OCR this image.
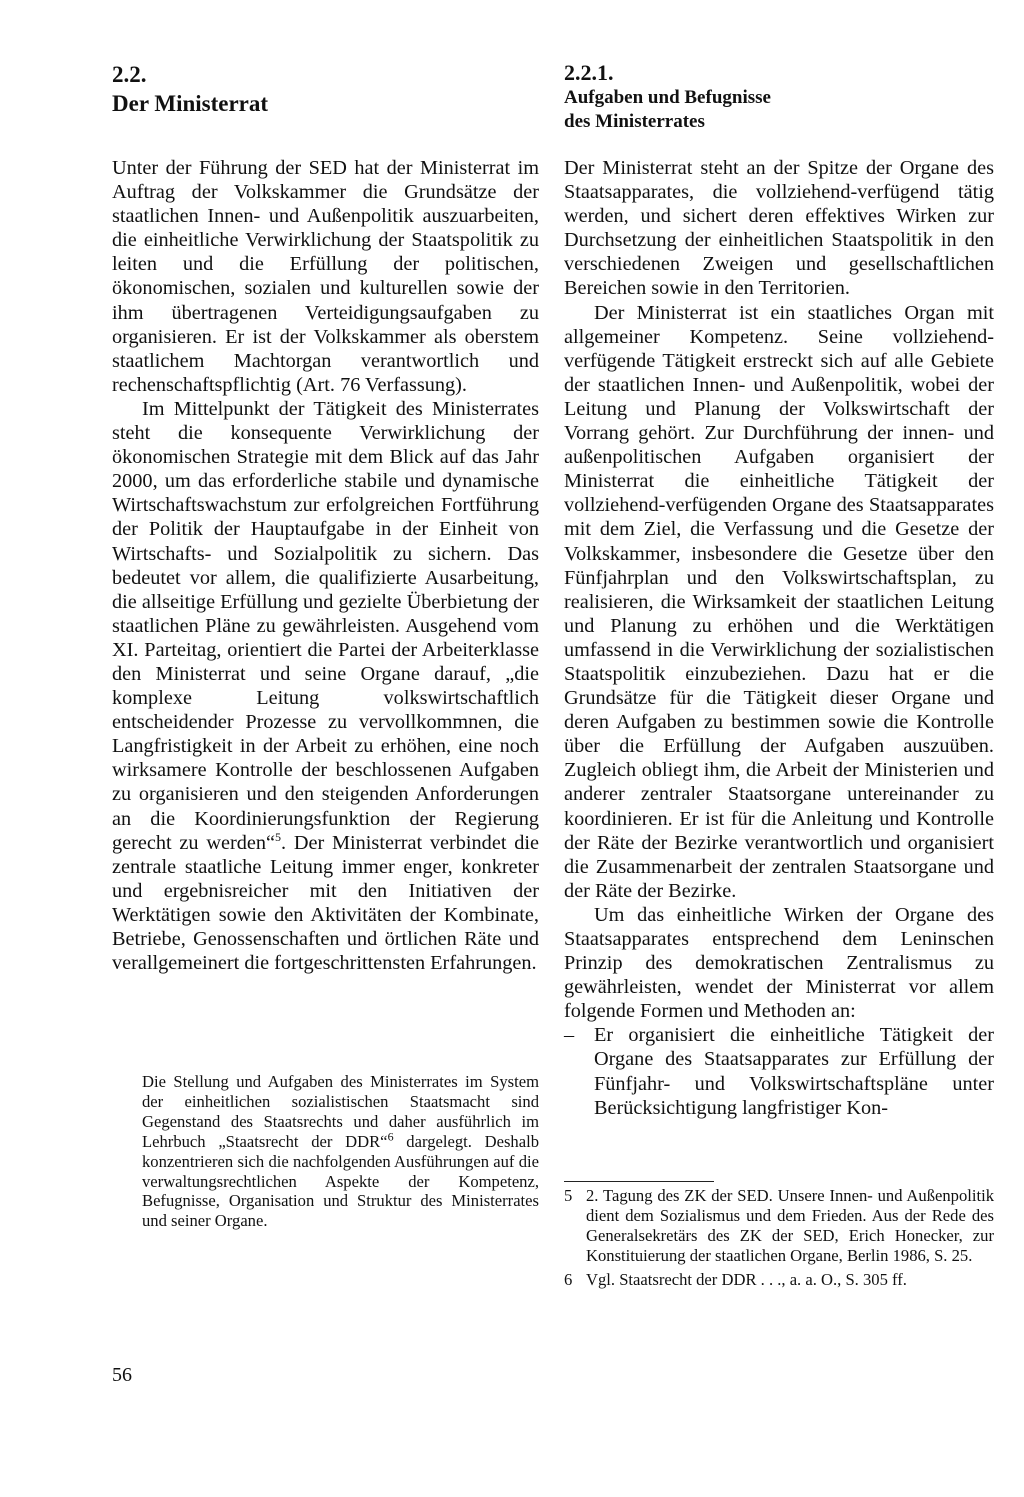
2.2.
Der Ministerrat

Unter der Führung der SED hat der Ministerrat im Auftrag der Volkskammer die Grundsätze der staatlichen Innen- und Außenpolitik auszuarbeiten, die einheitliche Verwirklichung der Staatspolitik zu leiten und die Erfüllung der politischen, ökonomischen, sozialen und kulturellen sowie der ihm übertragenen Verteidigungsaufgaben zu organisieren. Er ist der Volkskammer als oberstem staatlichem Machtorgan verantwortlich und rechenschaftspflichtig (Art. 76 Verfassung).

Im Mittelpunkt der Tätigkeit des Ministerrates steht die konsequente Verwirklichung der ökonomischen Strategie mit dem Blick auf das Jahr 2000, um das erforderliche stabile und dynamische Wirtschaftswachstum zur erfolgreichen Fortführung der Politik der Hauptaufgabe in der Einheit von Wirtschafts- und Sozialpolitik zu sichern. Das bedeutet vor allem, die qualifizierte Ausarbeitung, die allseitige Erfüllung und gezielte Überbietung der staatlichen Pläne zu gewährleisten. Ausgehend vom XI. Parteitag, orientiert die Partei der Arbeiterklasse den Ministerrat und seine Organe darauf, „die komplexe Leitung volkswirtschaftlich entscheidender Prozesse zu vervollkommnen, die Langfristigkeit in der Arbeit zu erhöhen, eine noch wirksamere Kontrolle der beschlossenen Aufgaben zu organisieren und den steigenden Anforderungen an die Koordinierungsfunktion der Regierung gerecht zu werden“$^5$. Der Ministerrat verbindet die zentrale staatliche Leitung immer enger, konkreter und ergebnisreicher mit den Initiativen der Werktätigen sowie den Aktivitäten der Kombinate, Betriebe, Genossenschaften und örtlichen Räte und verallgemeinert die fortgeschrittensten Erfahrungen.

Die Stellung und Aufgaben des Ministerrates im System der einheitlichen sozialistischen Staatsmacht sind Gegenstand des Staatsrechts und daher ausführlich im Lehrbuch „Staatsrecht der DDR“$^6$ dargelegt. Deshalb konzentrieren sich die nachfolgenden Ausführungen auf die verwaltungsrechtlichen Aspekte der Kompetenz, Befugnisse, Organisation und Struktur des Ministerrates und seiner Organe.
2.2.1.
Aufgaben und Befugnisse
des Ministerrates

Der Ministerrat steht an der Spitze der Organe des Staatsapparates, die vollziehend-verfügend tätig werden, und sichert deren effektives Wirken zur Durchsetzung der einheitlichen Staatspolitik in den verschiedenen Zweigen und gesellschaftlichen Bereichen sowie in den Territorien.

Der Ministerrat ist ein staatliches Organ mit allgemeiner Kompetenz. Seine vollziehend-verfügende Tätigkeit erstreckt sich auf alle Gebiete der staatlichen Innen- und Außenpolitik, wobei der Leitung und Planung der Volkswirtschaft der Vorrang gehört. Zur Durchführung der innen- und außenpolitischen Aufgaben organisiert der Ministerrat die einheitliche Tätigkeit der vollziehend-verfügenden Organe des Staatsapparates mit dem Ziel, die Verfassung und die Gesetze der Volkskammer, insbesondere die Gesetze über den Fünfjahrplan und den Volkswirtschaftsplan, zu realisieren, die Wirksamkeit der staatlichen Leitung und Planung zu erhöhen und die Werktätigen umfassend in die Verwirklichung der sozialistischen Staatspolitik einzubeziehen. Dazu hat er die Grundsätze für die Tätigkeit dieser Organe und deren Aufgaben zu bestimmen sowie die Kontrolle über die Erfüllung der Aufgaben auszuüben. Zugleich obliegt ihm, die Arbeit der Ministerien und anderer zentraler Staatsorgane untereinander zu koordinieren. Er ist für die Anleitung und Kontrolle der Räte der Bezirke verantwortlich und organisiert die Zusammenarbeit der zentralen Staatsorgane und der Räte der Bezirke.

Um das einheitliche Wirken der Organe des Staatsapparates entsprechend dem Leninschen Prinzip des demokratischen Zentralismus zu gewährleisten, wendet der Ministerrat vor allem folgende Formen und Methoden an:

– Er organisiert die einheitliche Tätigkeit der Organe des Staatsapparates zur Erfüllung der Fünfjahr- und Volkswirtschaftspläne unter Berücksichtigung langfristiger Kon-
5 2. Tagung des ZK der SED. Unsere Innen- und Außenpolitik dient dem Sozialismus und dem Frieden. Aus der Rede des Generalsekretärs des ZK der SED, Erich Honecker, zur Konstituierung der staatlichen Organe, Berlin 1986, S. 25.
6 Vgl. Staatsrecht der DDR . . ., a. a. O., S. 305 ff.
56
